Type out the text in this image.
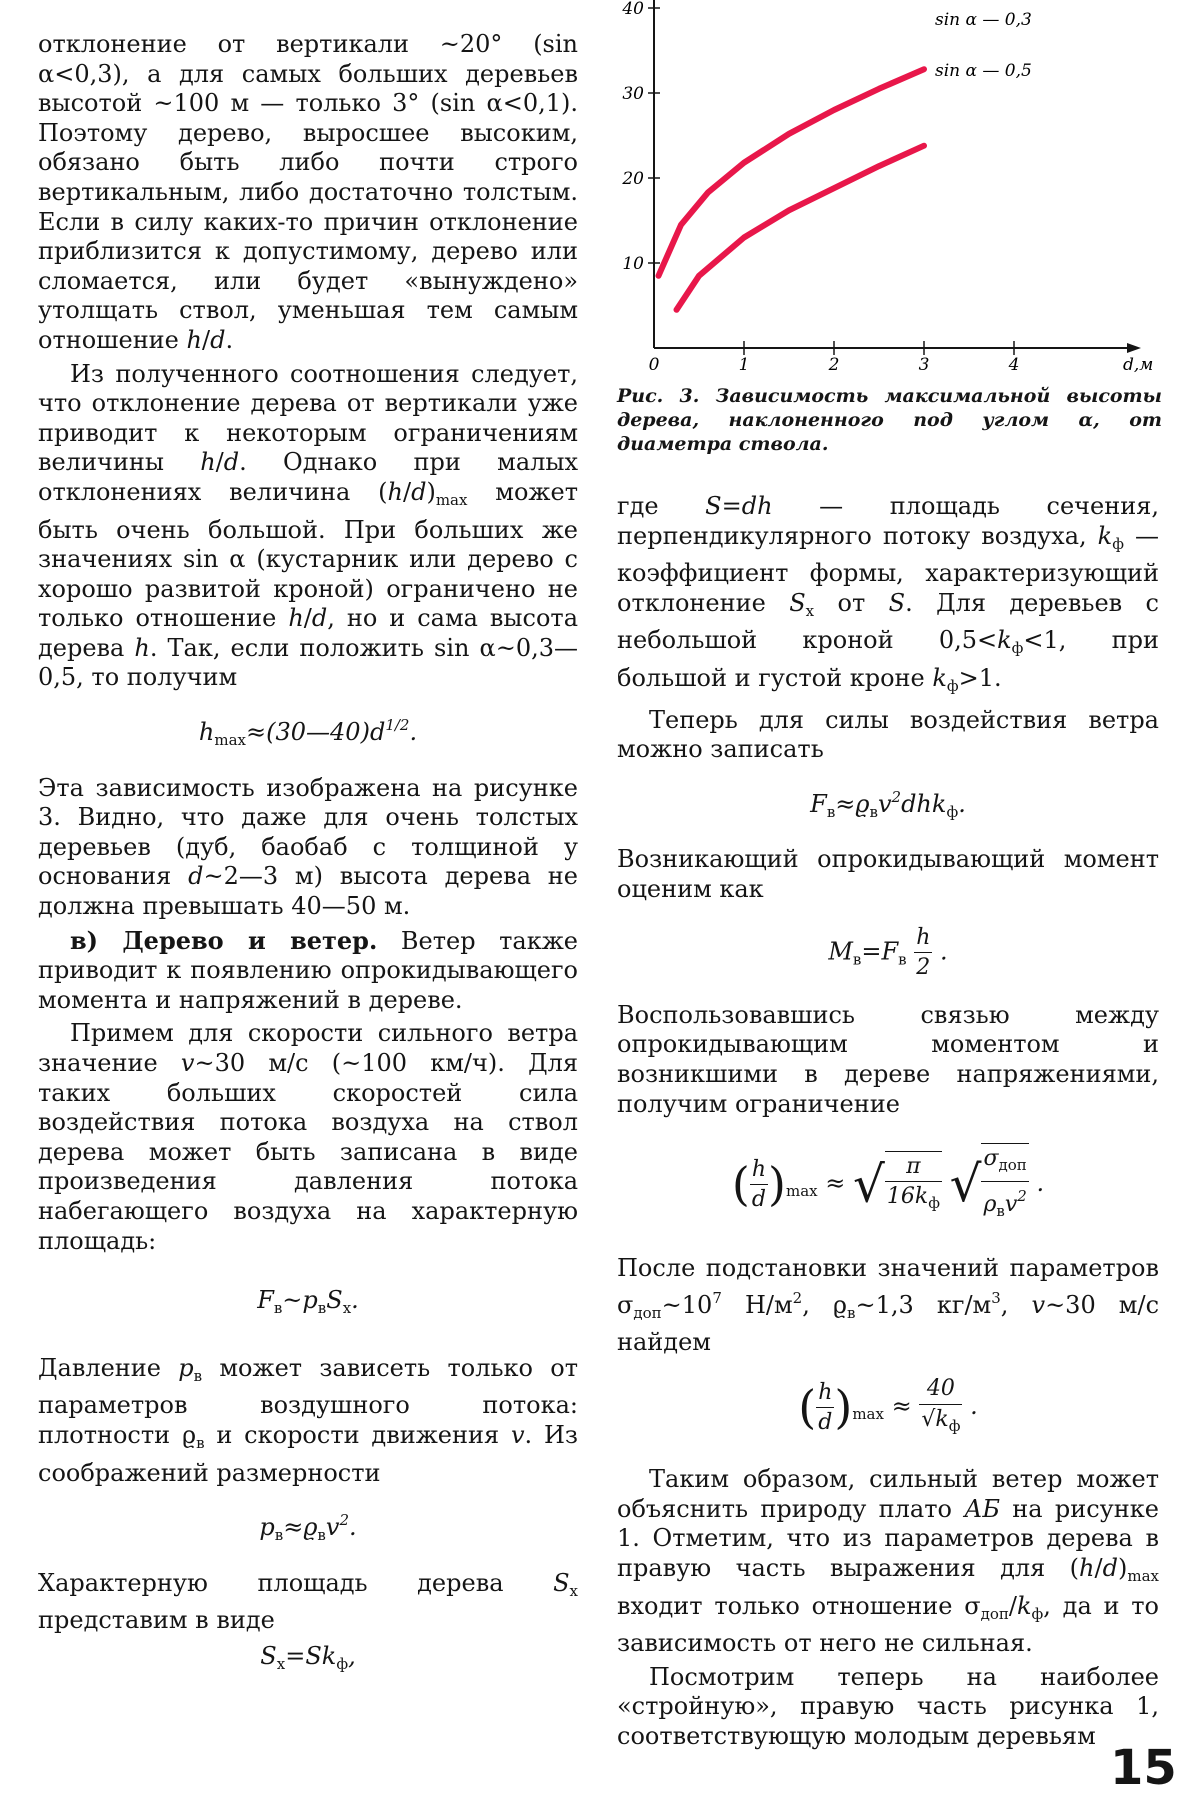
отклонение от вертикали ~20° (sin α<0,3), а для самых больших деревьев высотой ~100 м — только 3° (sin α<0,1). Поэтому дерево, выросшее высоким, обязано быть либо почти строго вертикальным, либо достаточно толстым. Если в силу каких-то причин отклонение приблизится к допустимому, дерево или сломается, или будет «вынуждено» утолщать ствол, уменьшая тем самым отношение h/d.

Из полученного соотношения следует, что отклонение дерева от вертикали уже приводит к некоторым ограничениям величины h/d. Однако при малых отклонениях величина $(h/d)_{max}$ может быть очень большой. При больших же значениях sin α (кустарник или дерево с хорошо развитой кроной) ограничено не только отношение h/d, но и сама высота дерева h. Так, если положить sin α~0,3—0,5, то получим

$h_{max}\approx(30—40)d^{1/2}$.

Эта зависимость изображена на рисунке 3. Видно, что даже для очень толстых деревьев (дуб, баобаб с толщиной у основания d~2—3 м) высота дерева не должна превышать 40—50 м.

в) Дерево и ветер. Ветер также приводит к появлению опрокидывающего момента и напряжений в дереве.

Примем для скорости сильного ветра значение v~30 м/с (~100 км/ч). Для таких больших скоростей сила воздействия потока воздуха на ствол дерева может быть записана в виде произведения давления потока набегающего воздуха на характерную площадь:

$F_в\sim p_вS_х$.

Давление $p_в$ может зависеть только от параметров воздушного потока: плотности $ϱ_в$ и скорости движения v. Из соображений размерности

$p_в\approx ϱ_вv^2$.

Характерную площадь дерева $S_х$ представим в виде

$S_х=Sk_ф$,
0	1	2	3	4
10
20
30
40
d,м
sin α — 0,3
sin α — 0,5
Рис. 3. Зависимость максимальной высоты дерева, наклоненного под углом α, от диаметра ствола.

где S=dh — площадь сечения, перпендикулярного потоку воздуха, $k_ф$ — коэффициент формы, характеризующий отклонение $S_х$ от S. Для деревьев с небольшой кроной $0,5<k_ф<1$, при большой и густой кроне $k_ф>1$.

Теперь для силы воздействия ветра можно записать

$F_в\approx ϱ_вv^2dhk_ф$.

Возникающий опрокидывающий момент оценим как

$M_в=F_в \frac{h}{2}$ .

Воспользовавшись связью между опрокидывающим моментом и возникшими в дереве напряжениями, получим ограничение

( $\frac{h}{d} )_{max}$ ≈ √ $\frac{\pi}{16k_ф}$ √ $\frac{\sigma_{доп}}{\rho_вv^2}$ .

После подстановки значений параметров $\sigma_{доп}\sim 10^7$ $Н/м^2$, $ϱ_в\sim 1,3$ $кг/м^3$, v~30 м/с найдем

( $\frac{h}{d} )_{max} \approx \frac{40}{√k_ф}$ .

Таким образом, сильный ветер может объяснить природу плато АБ на рисунке 1. Отметим, что из параметров дерева в правую часть выражения для $(h/d)_{max}$ входит только отношение $\sigma_{доп}/k_ф$, да и то зависимость от него не сильная.

Посмотрим теперь на наиболее «стройную», правую часть рисунка 1, соответствующую молодым деревьям

15
